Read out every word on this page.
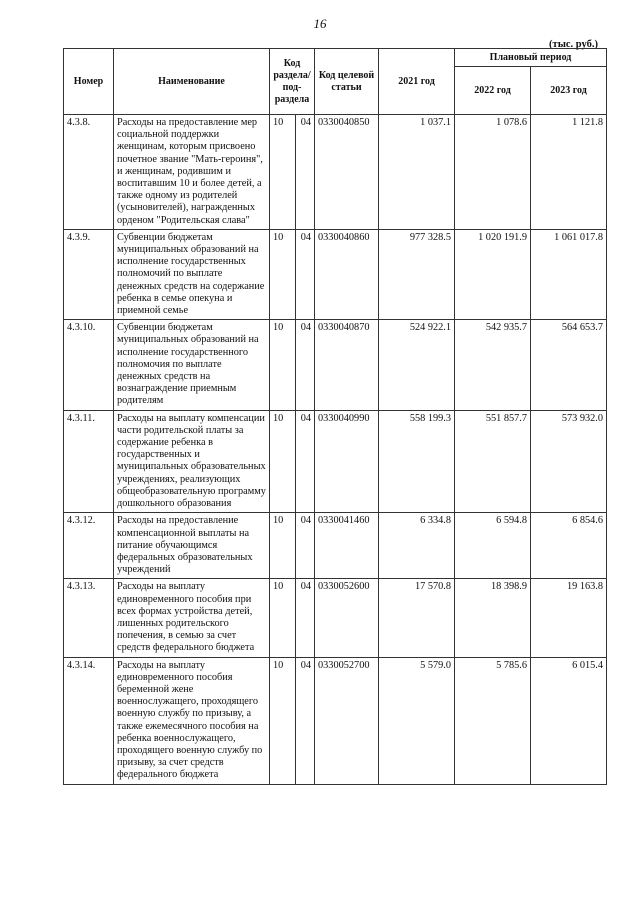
16
(тыс. руб.)
Номер	Наименование	Код раздела/ под- раздела		Код целевой статьи	2021 год	Плановый период	
						2022 год	2023 год
4.3.8.	Расходы на предоставление мер социальной поддержки женщинам, которым присвоено почетное звание "Мать-героиня", и женщинам, родившим и воспитавшим 10 и более детей, а также одному из родителей (усыновителей), награжденных орденом "Родительская слава"	10	04	0330040850	1 037.1	1 078.6	1 121.8
4.3.9.	Субвенции бюджетам муниципальных образований на исполнение государственных полномочий по выплате денежных средств на содержание ребенка в семье опекуна и приемной семье	10	04	0330040860	977 328.5	1 020 191.9	1 061 017.8
4.3.10.	Субвенции бюджетам муниципальных образований на исполнение государственного полномочия по выплате денежных средств на вознаграждение приемным родителям	10	04	0330040870	524 922.1	542 935.7	564 653.7
4.3.11.	Расходы на выплату компенсации части родительской платы за содержание ребенка в государственных и муниципальных образовательных учреждениях, реализующих общеобразовательную программу дошкольного образования	10	04	0330040990	558 199.3	551 857.7	573 932.0
4.3.12.	Расходы на предоставление компенсационной выплаты на питание обучающимся федеральных образовательных учреждений	10	04	0330041460	6 334.8	6 594.8	6 854.6
4.3.13.	Расходы на выплату единовременного пособия при всех формах устройства детей, лишенных родительского попечения, в семью за счет средств федерального бюджета	10	04	0330052600	17 570.8	18 398.9	19 163.8
4.3.14.	Расходы на выплату единовременного пособия беременной жене военнослужащего, проходящего военную службу по призыву, а также ежемесячного пособия на ребенка военнослужащего, проходящего военную службу по призыву, за счет средств федерального бюджета	10	04	0330052700	5 579.0	5 785.6	6 015.4
